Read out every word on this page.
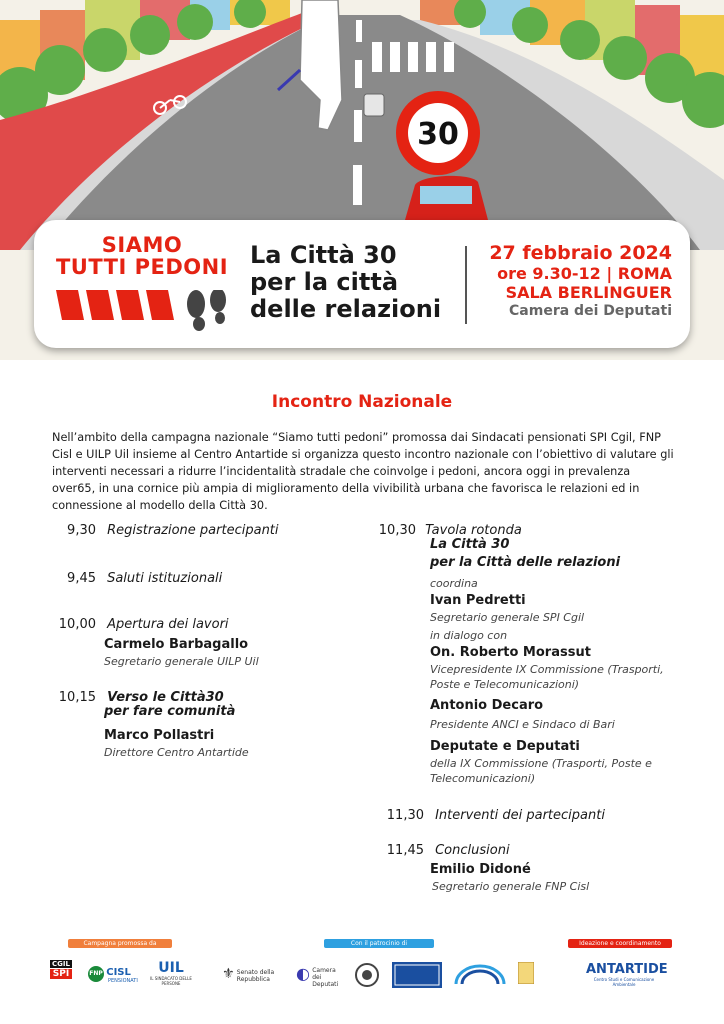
30
SIAMO
TUTTI PEDONI La Città 30
per la città
delle relazioni
27 febbraio 2024
ore 9.30-12 | ROMA
SALA BERLINGUER
Camera dei Deputati
Incontro Nazionale
Nell’ambito della campagna nazionale “Siamo tutti pedoni” promossa dai Sindacati pensionati SPI Cgil, FNP Cisl e UILP Uil insieme al Centro Antartide si organizza questo incontro nazionale con l’obiettivo di valutare gli interventi necessari a ridurre l’incidentalità stradale che coinvolge i pedoni, ancora oggi in prevalenza over65, in una cornice più ampia di miglioramento della vivibilità urbana che favorisca le relazioni ed in connessione al modello della Città 30.
9,30 Registrazione partecipanti
9,45 Saluti istituzionali
10,00 Apertura dei lavori
Carmelo Barbagallo
Segretario generale UILP Uil
10,15 Verso le Città30
per fare comunità
Marco Pollastri
Direttore Centro Antartide
10,30 Tavola rotonda
La Città 30
per la Città delle relazioni
coordina
Ivan Pedretti
Segretario generale SPI Cgil
in dialogo con
On. Roberto Morassut
Vicepresidente IX Commissione (Trasporti,
Poste e Telecomunicazioni)
Antonio Decaro
Presidente ANCI e Sindaco di Bari
Deputate e Deputati
della IX Commissione (Trasporti, Poste e
Telecomunicazioni)
11,30 Interventi dei partecipanti
11,45 Conclusioni
Emilio Didoné
Segretario generale FNP Cisl
Campagna promossa da	Con il patrocinio di	Ideazione e coordinamento
CGIL
SPI	FNP CISL
PENSIONATI
UIL
IL SINDACATO DELLE PERSONE
⚜ Senato della Repubblica	◐ Camera dei Deputati
ANTARTIDE
Centro Studi e Comunicazione Ambientale
